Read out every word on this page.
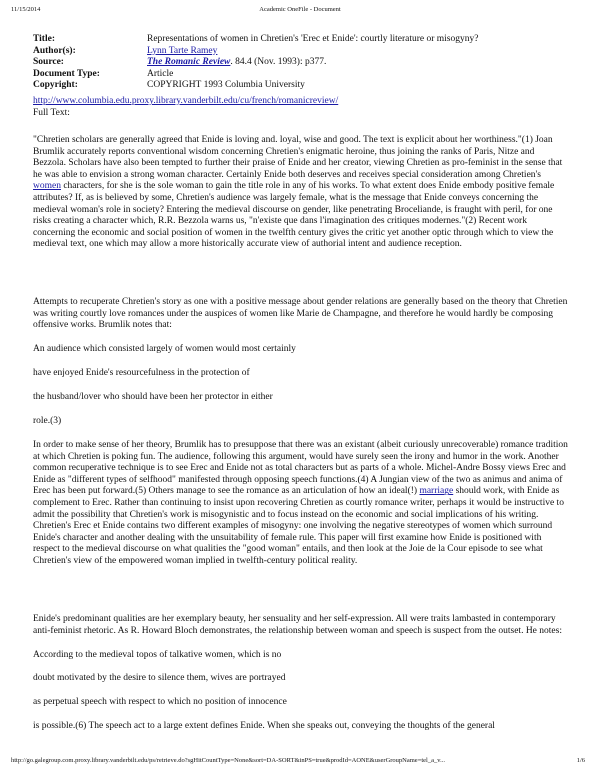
11/15/2014	Academic OneFile - Document
Title:	Representations of women in Chretien's 'Erec et Enide': courtly literature or misogyny?
Author(s):	Lynn Tarte Ramey
Source:	The Romanic Review. 84.4 (Nov. 1993): p377.
Document Type:	Article
Copyright:	COPYRIGHT 1993 Columbia University
http://www.columbia.edu.proxy.library.vanderbilt.edu/cu/french/romanicreview/
Full Text:

"Chretien scholars are generally agreed that Enide is loving and. loyal, wise and good. The text is explicit about her worthiness."(1) Joan Brumlik accurately reports conventional wisdom concerning Chretien's enigmatic heroine, thus joining the ranks of Paris, Nitze and Bezzola. Scholars have also been tempted to further their praise of Enide and her creator, viewing Chretien as pro-feminist in the sense that he was able to envision a strong woman character. Certainly Enide both deserves and receives special consideration among Chretien's women characters, for she is the sole woman to gain the title role in any of his works. To what extent does Enide embody positive female attributes? If, as is believed by some, Chretien's audience was largely female, what is the message that Enide conveys concerning the medieval woman's role in society? Entering the medieval discourse on gender, like penetrating Broceliande, is fraught with peril, for one risks creating a character which, R.R. Bezzola warns us, "n'existe que dans l'imagination des critiques modernes."(2) Recent work concerning the economic and social position of women in the twelfth century gives the critic yet another optic through which to view the medieval text, one which may allow a more historically accurate view of authorial intent and audience reception.

Attempts to recuperate Chretien's story as one with a positive message about gender relations are generally based on the theory that Chretien was writing courtly love romances under the auspices of women like Marie de Champagne, and therefore he would hardly be composing offensive works. Brumlik notes that:
An audience which consisted largely of women would most certainly
have enjoyed Enide's resourcefulness in the protection of
the husband/lover who should have been her protector in either
role.(3)

In order to make sense of her theory, Brumlik has to presuppose that there was an existant (albeit curiously unrecoverable) romance tradition at which Chretien is poking fun. The audience, following this argument, would have surely seen the irony and humor in the work. Another common recuperative technique is to see Erec and Enide not as total characters but as parts of a whole. Michel-Andre Bossy views Erec and Enide as "different types of selfhood" manifested through opposing speech functions.(4) A Jungian view of the two as animus and anima of Erec has been put forward.(5) Others manage to see the romance as an articulation of how an ideal(!) marriage should work, with Enide as complement to Erec. Rather than continuing to insist upon recovering Chretien as courtly romance writer, perhaps it would be instructive to admit the possibility that Chretien's work is misogynistic and to focus instead on the economic and social implications of his writing. Chretien's Erec et Enide contains two different examples of misogyny: one involving the negative stereotypes of women which surround Enide's character and another dealing with the unsuitability of female rule. This paper will first examine how Enide is positioned with respect to the medieval discourse on what qualities the "good woman" entails, and then look at the Joie de la Cour episode to see what Chretien's view of the empowered woman implied in twelfth-century political reality.

Enide's predominant qualities are her exemplary beauty, her sensuality and her self-expression. All were traits lambasted in contemporary anti-feminist rhetoric. As R. Howard Bloch demonstrates, the relationship between woman and speech is suspect from the outset. He notes:
According to the medieval topos of talkative women, which is no
doubt motivated by the desire to silence them, wives are portrayed
as perpetual speech with respect to which no position of innocence
is possible.(6) The speech act to a large extent defines Enide. When she speaks out, conveying the thoughts of the general
http://go.galegroup.com.proxy.library.vanderbilt.edu/ps/retrieve.do?sgHitCountType=None&sort=DA-SORT&inPS=true&prodId=AONE&userGroupName=tel_a_v...	1/6
